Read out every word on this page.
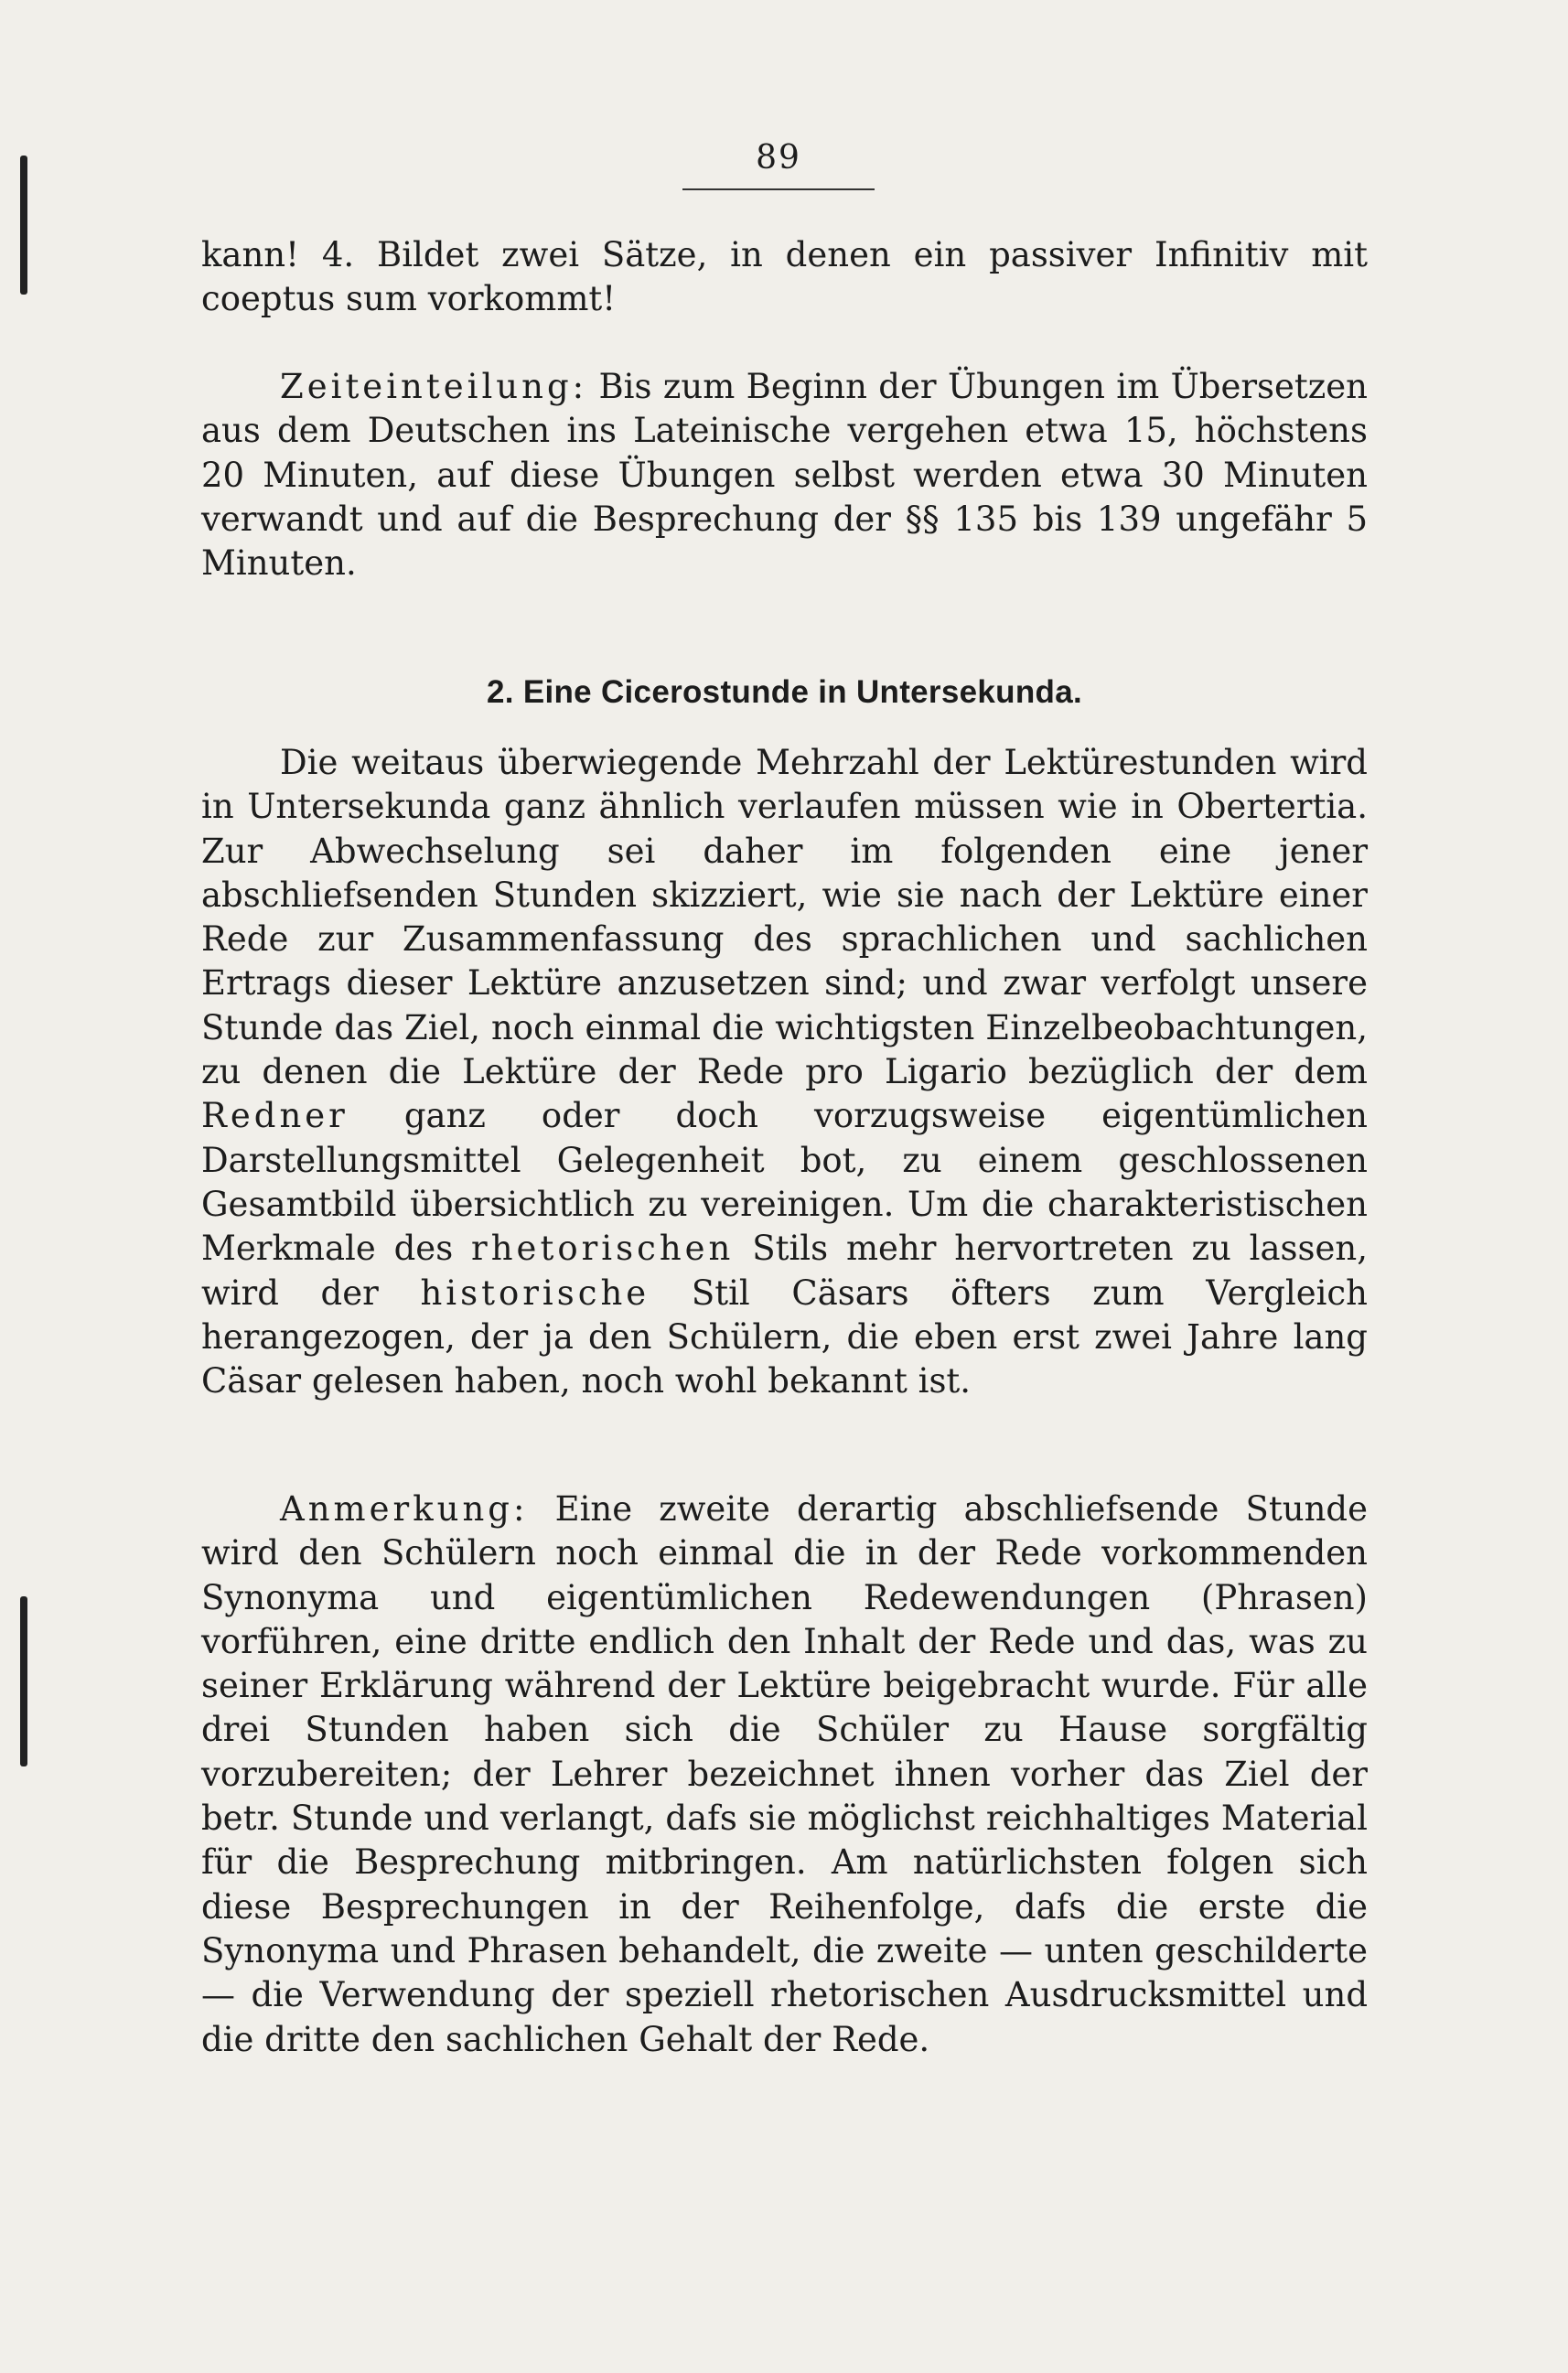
89

kann! 4. Bildet zwei Sätze, in denen ein passiver Infinitiv mit coeptus sum vorkommt!

Zeiteinteilung: Bis zum Beginn der Übungen im Übersetzen aus dem Deutschen ins Lateinische vergehen etwa 15, höchstens 20 Minuten, auf diese Übungen selbst werden etwa 30 Minuten verwandt und auf die Besprechung der §§ 135 bis 139 ungefähr 5 Minuten.

2. Eine Cicerostunde in Untersekunda.

Die weitaus überwiegende Mehrzahl der Lektürestunden wird in Untersekunda ganz ähnlich verlaufen müssen wie in Obertertia. Zur Abwechselung sei daher im folgenden eine jener abschliefsenden Stunden skizziert, wie sie nach der Lektüre einer Rede zur Zusammenfassung des sprachlichen und sachlichen Ertrags dieser Lektüre anzusetzen sind; und zwar verfolgt unsere Stunde das Ziel, noch einmal die wichtigsten Einzelbeobachtungen, zu denen die Lektüre der Rede pro Ligario bezüglich der dem Redner ganz oder doch vorzugsweise eigentümlichen Darstellungsmittel Gelegenheit bot, zu einem geschlossenen Gesamtbild übersichtlich zu vereinigen. Um die charakteristischen Merkmale des rhetorischen Stils mehr hervortreten zu lassen, wird der historische Stil Cäsars öfters zum Vergleich herangezogen, der ja den Schülern, die eben erst zwei Jahre lang Cäsar gelesen haben, noch wohl bekannt ist.

Anmerkung: Eine zweite derartig abschliefsende Stunde wird den Schülern noch einmal die in der Rede vorkommenden Synonyma und eigentümlichen Redewendungen (Phrasen) vorführen, eine dritte endlich den Inhalt der Rede und das, was zu seiner Erklärung während der Lektüre beigebracht wurde. Für alle drei Stunden haben sich die Schüler zu Hause sorgfältig vorzubereiten; der Lehrer bezeichnet ihnen vorher das Ziel der betr. Stunde und verlangt, dafs sie möglichst reichhaltiges Material für die Besprechung mitbringen. Am natürlichsten folgen sich diese Besprechungen in der Reihenfolge, dafs die erste die Synonyma und Phrasen behandelt, die zweite — unten geschilderte — die Verwendung der speziell rhetorischen Ausdrucksmittel und die dritte den sachlichen Gehalt der Rede.
